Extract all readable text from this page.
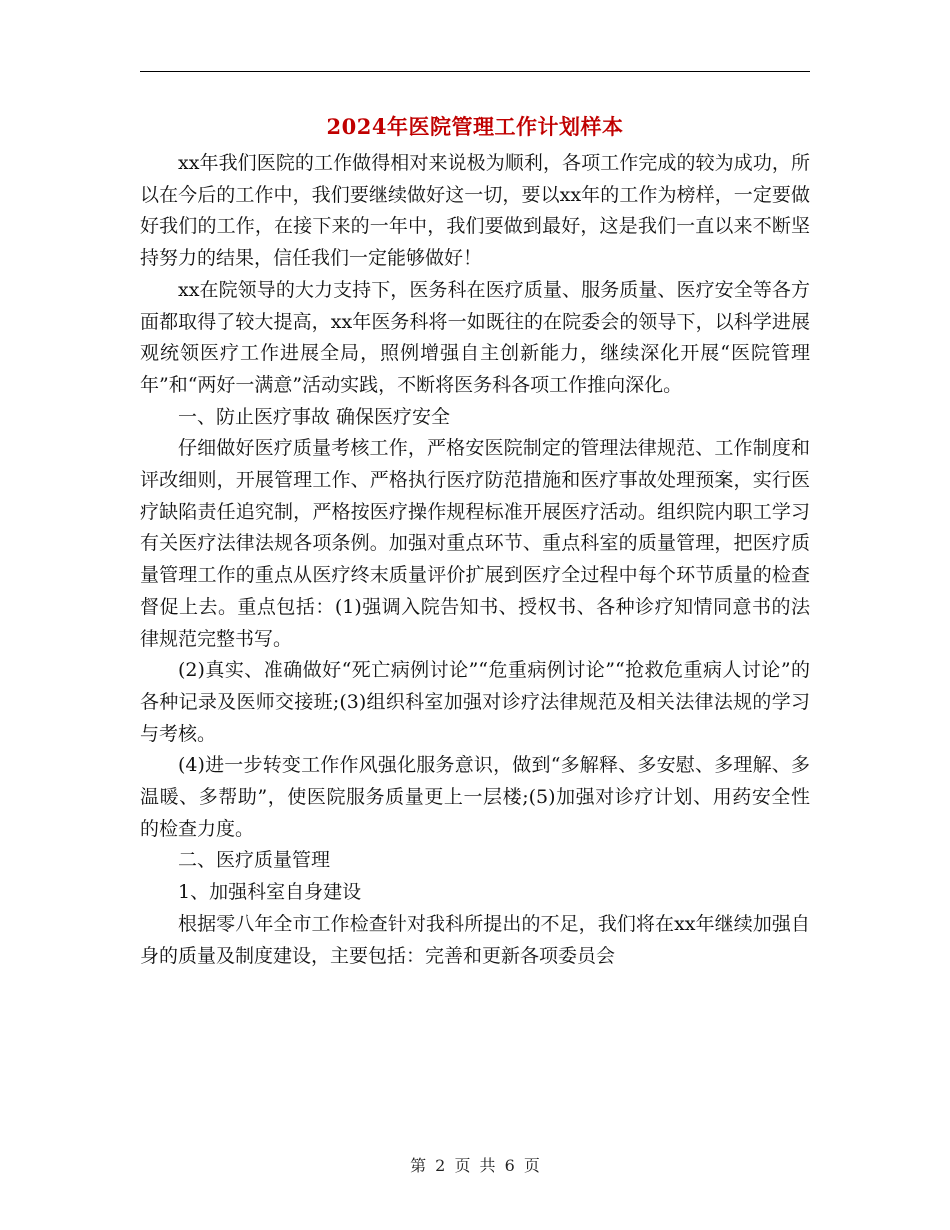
2024年医院管理工作计划样本

xx年我们医院的工作做得相对来说极为顺利，各项工作完成的较为成功，所以在今后的工作中，我们要继续做好这一切，要以xx年的工作为榜样，一定要做好我们的工作，在接下来的一年中，我们要做到最好，这是我们一直以来不断坚持努力的结果，信任我们一定能够做好！

xx在院领导的大力支持下，医务科在医疗质量、服务质量、医疗安全等各方面都取得了较大提高，xx年医务科将一如既往的在院委会的领导下，以科学进展观统领医疗工作进展全局，照例增强自主创新能力，继续深化开展“医院管理年”和“两好一满意”活动实践，不断将医务科各项工作推向深化。

一、防止医疗事故 确保医疗安全

仔细做好医疗质量考核工作，严格安医院制定的管理法律规范、工作制度和评改细则，开展管理工作、严格执行医疗防范措施和医疗事故处理预案，实行医疗缺陷责任追究制，严格按医疗操作规程标准开展医疗活动。组织院内职工学习有关医疗法律法规各项条例。加强对重点环节、重点科室的质量管理，把医疗质量管理工作的重点从医疗终末质量评价扩展到医疗全过程中每个环节质量的检查督促上去。重点包括：(1)强调入院告知书、授权书、各种诊疗知情同意书的法律规范完整书写。

(2)真实、准确做好“死亡病例讨论”“危重病例讨论”“抢救危重病人讨论”的各种记录及医师交接班;(3)组织科室加强对诊疗法律规范及相关法律法规的学习与考核。

(4)进一步转变工作作风强化服务意识，做到“多解释、多安慰、多理解、多温暖、多帮助”，使医院服务质量更上一层楼;(5)加强对诊疗计划、用药安全性的检查力度。

二、医疗质量管理

1、加强科室自身建设

根据零八年全市工作检查针对我科所提出的不足，我们将在xx年继续加强自身的质量及制度建设，主要包括：完善和更新各项委员会

第 2 页 共 6 页
